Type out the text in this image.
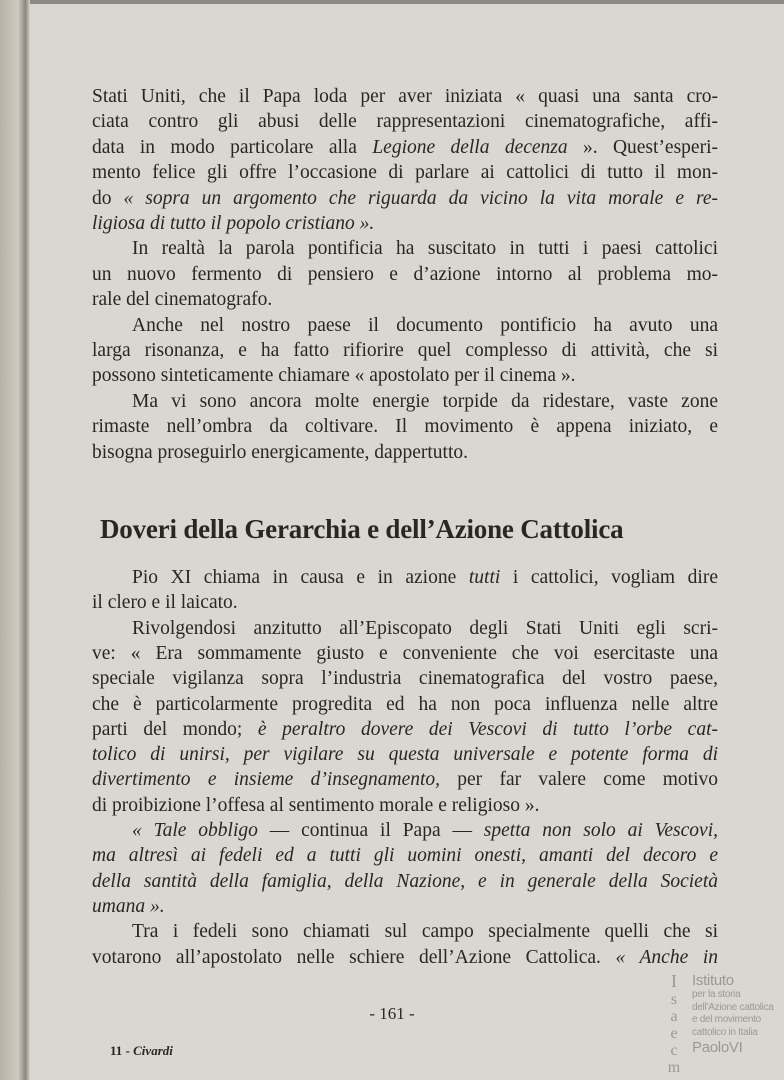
Stati Uniti, che il Papa loda per aver iniziata « quasi una santa cro-
ciata contro gli abusi delle rappresentazioni cinematografiche, affi-
data in modo particolare alla Legione della decenza ». Quest’esperi-
mento felice gli offre l’occasione di parlare ai cattolici di tutto il mon-
do « sopra un argomento che riguarda da vicino la vita morale e re-
ligiosa di tutto il popolo cristiano ».
In realtà la parola pontificia ha suscitato in tutti i paesi cattolici
un nuovo fermento di pensiero e d’azione intorno al problema mo-
rale del cinematografo.
Anche nel nostro paese il documento pontificio ha avuto una
larga risonanza, e ha fatto rifiorire quel complesso di attività, che si
possono sinteticamente chiamare « apostolato per il cinema ».
Ma vi sono ancora molte energie torpide da ridestare, vaste zone
rimaste nell’ombra da coltivare. Il movimento è appena iniziato, e
bisogna proseguirlo energicamente, dappertutto.
Doveri della Gerarchia e dell’Azione Cattolica
Pio XI chiama in causa e in azione tutti i cattolici, vogliam dire
il clero e il laicato.
Rivolgendosi anzitutto all’Episcopato degli Stati Uniti egli scri-
ve: « Era sommamente giusto e conveniente che voi esercitaste una
speciale vigilanza sopra l’industria cinematografica del vostro paese,
che è particolarmente progredita ed ha non poca influenza nelle altre
parti del mondo; è peraltro dovere dei Vescovi di tutto l’orbe cat-
tolico di unirsi, per vigilare su questa universale e potente forma di
divertimento e insieme d’insegnamento, per far valere come motivo
di proibizione l’offesa al sentimento morale e religioso ».
« Tale obbligo — continua il Papa — spetta non solo ai Vescovi,
ma altresì ai fedeli ed a tutti gli uomini onesti, amanti del decoro e
della santità della famiglia, della Nazione, e in generale della Società
umana ».
Tra i fedeli sono chiamati sul campo specialmente quelli che si
votarono all’apostolato nelle schiere dell’Azione Cattolica. « Anche in
- 161 -
11 - Civardi
I
s
a
e
c
m
Istituto
per la storia
dell’Azione cattolica
e del movimento
cattolico in Italia
PaoloVI
